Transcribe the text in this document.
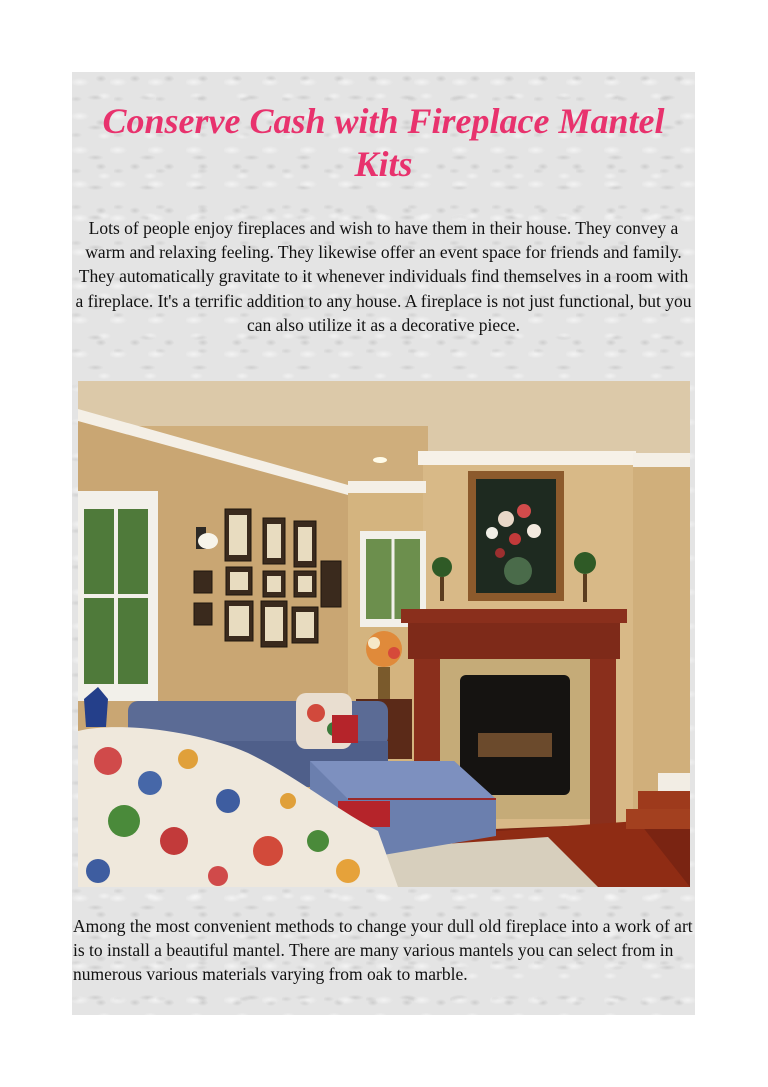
Conserve Cash with Fireplace Mantel Kits

Lots of people enjoy fireplaces and wish to have them in their house. They convey a warm and relaxing feeling. They likewise offer an event space for friends and family. They automatically gravitate to it whenever individuals find themselves in a room with a fireplace. It's a terrific addition to any house. A fireplace is not just functional, but you can also utilize it as a decorative piece.

Among the most convenient methods to change your dull old fireplace into a work of art is to install a beautiful mantel. There are many various mantels you can select from in numerous various materials varying from oak to marble.
